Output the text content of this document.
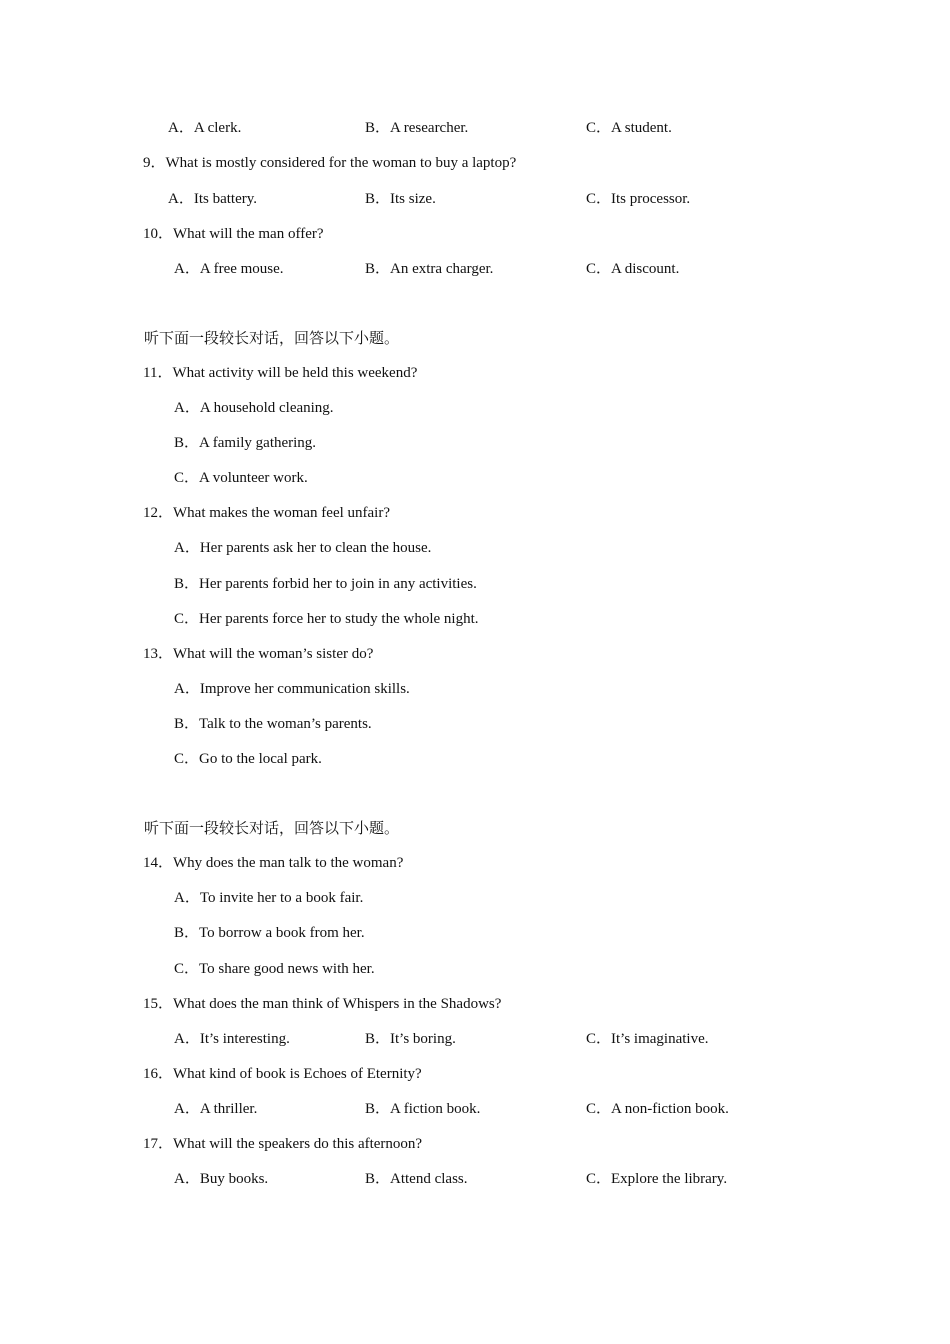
A．A clerk.	B．A researcher.	C．A student.
9．What is mostly considered for the woman to buy a laptop?
A．Its battery.	B．Its size.	C．Its processor.
10．What will the man offer?
A．A free mouse.	B．An extra charger.	C．A discount.
听下面一段较长对话，回答以下小题。
11．What activity will be held this weekend?
A．A household cleaning.
B．A family gathering.
C．A volunteer work.
12．What makes the woman feel unfair?
A．Her parents ask her to clean the house.
B．Her parents forbid her to join in any activities.
C．Her parents force her to study the whole night.
13．What will the woman’s sister do?
A．Improve her communication skills.
B．Talk to the woman’s parents.
C．Go to the local park.
听下面一段较长对话，回答以下小题。
14．Why does the man talk to the woman?
A．To invite her to a book fair.
B．To borrow a book from her.
C．To share good news with her.
15．What does the man think of Whispers in the Shadows?
A．It’s interesting.	B．It’s boring.	C．It’s imaginative.
16．What kind of book is Echoes of Eternity?
A．A thriller.	B．A fiction book.	C．A non-fiction book.
17．What will the speakers do this afternoon?
A．Buy books.	B．Attend class.	C．Explore the library.
